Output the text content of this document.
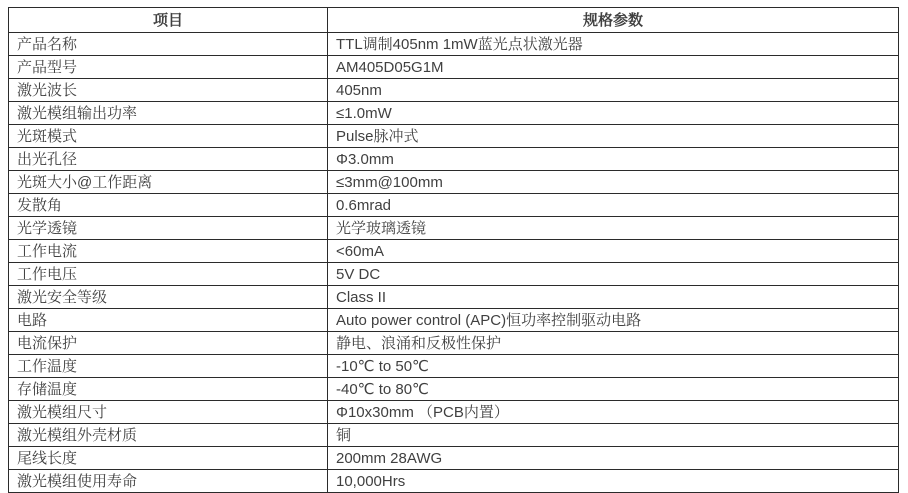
项目	规格参数
产品名称	TTL调制405nm 1mW蓝光点状激光器
产品型号	AM405D05G1M
激光波长	405nm
激光模组输出功率	≤1.0mW
光斑模式	Pulse脉冲式
出光孔径	Φ3.0mm
光斑大小@工作距离	≤3mm@100mm
发散角	0.6mrad
光学透镜	光学玻璃透镜
工作电流	<60mA
工作电压	5V DC
激光安全等级	Class II
电路	Auto power control (APC)恒功率控制驱动电路
电流保护	静电、浪涌和反极性保护
工作温度	-10℃ to 50℃
存储温度	-40℃ to 80℃
激光模组尺寸	Φ10x30mm （PCB内置）
激光模组外壳材质	铜
尾线长度	200mm 28AWG
激光模组使用寿命	10,000Hrs
